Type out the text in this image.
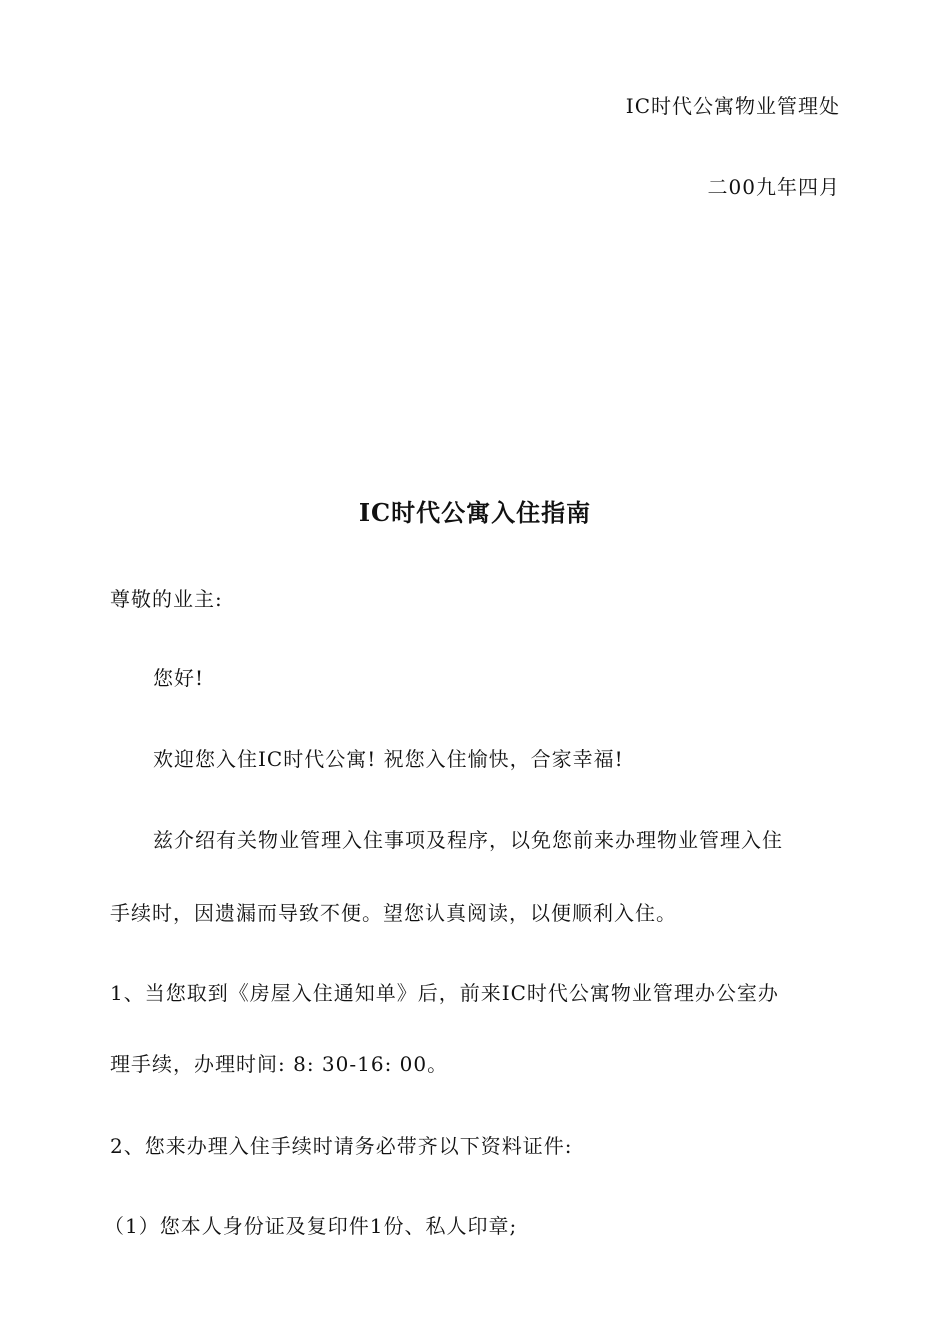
IC时代公寓物业管理处
二00九年四月
IC时代公寓入住指南
尊敬的业主:
您好!
欢迎您入住IC时代公寓! 祝您入住愉快，合家幸福!
兹介绍有关物业管理入住事项及程序，以免您前来办理物业管理入住
手续时，因遗漏而导致不便。望您认真阅读，以便顺利入住。
1、当您取到《房屋入住通知单》后，前来IC时代公寓物业管理办公室办
理手续，办理时间: 8: 30-16: 00。
2、您来办理入住手续时请务必带齐以下资料证件:
（1）您本人身份证及复印件1份、私人印章;
